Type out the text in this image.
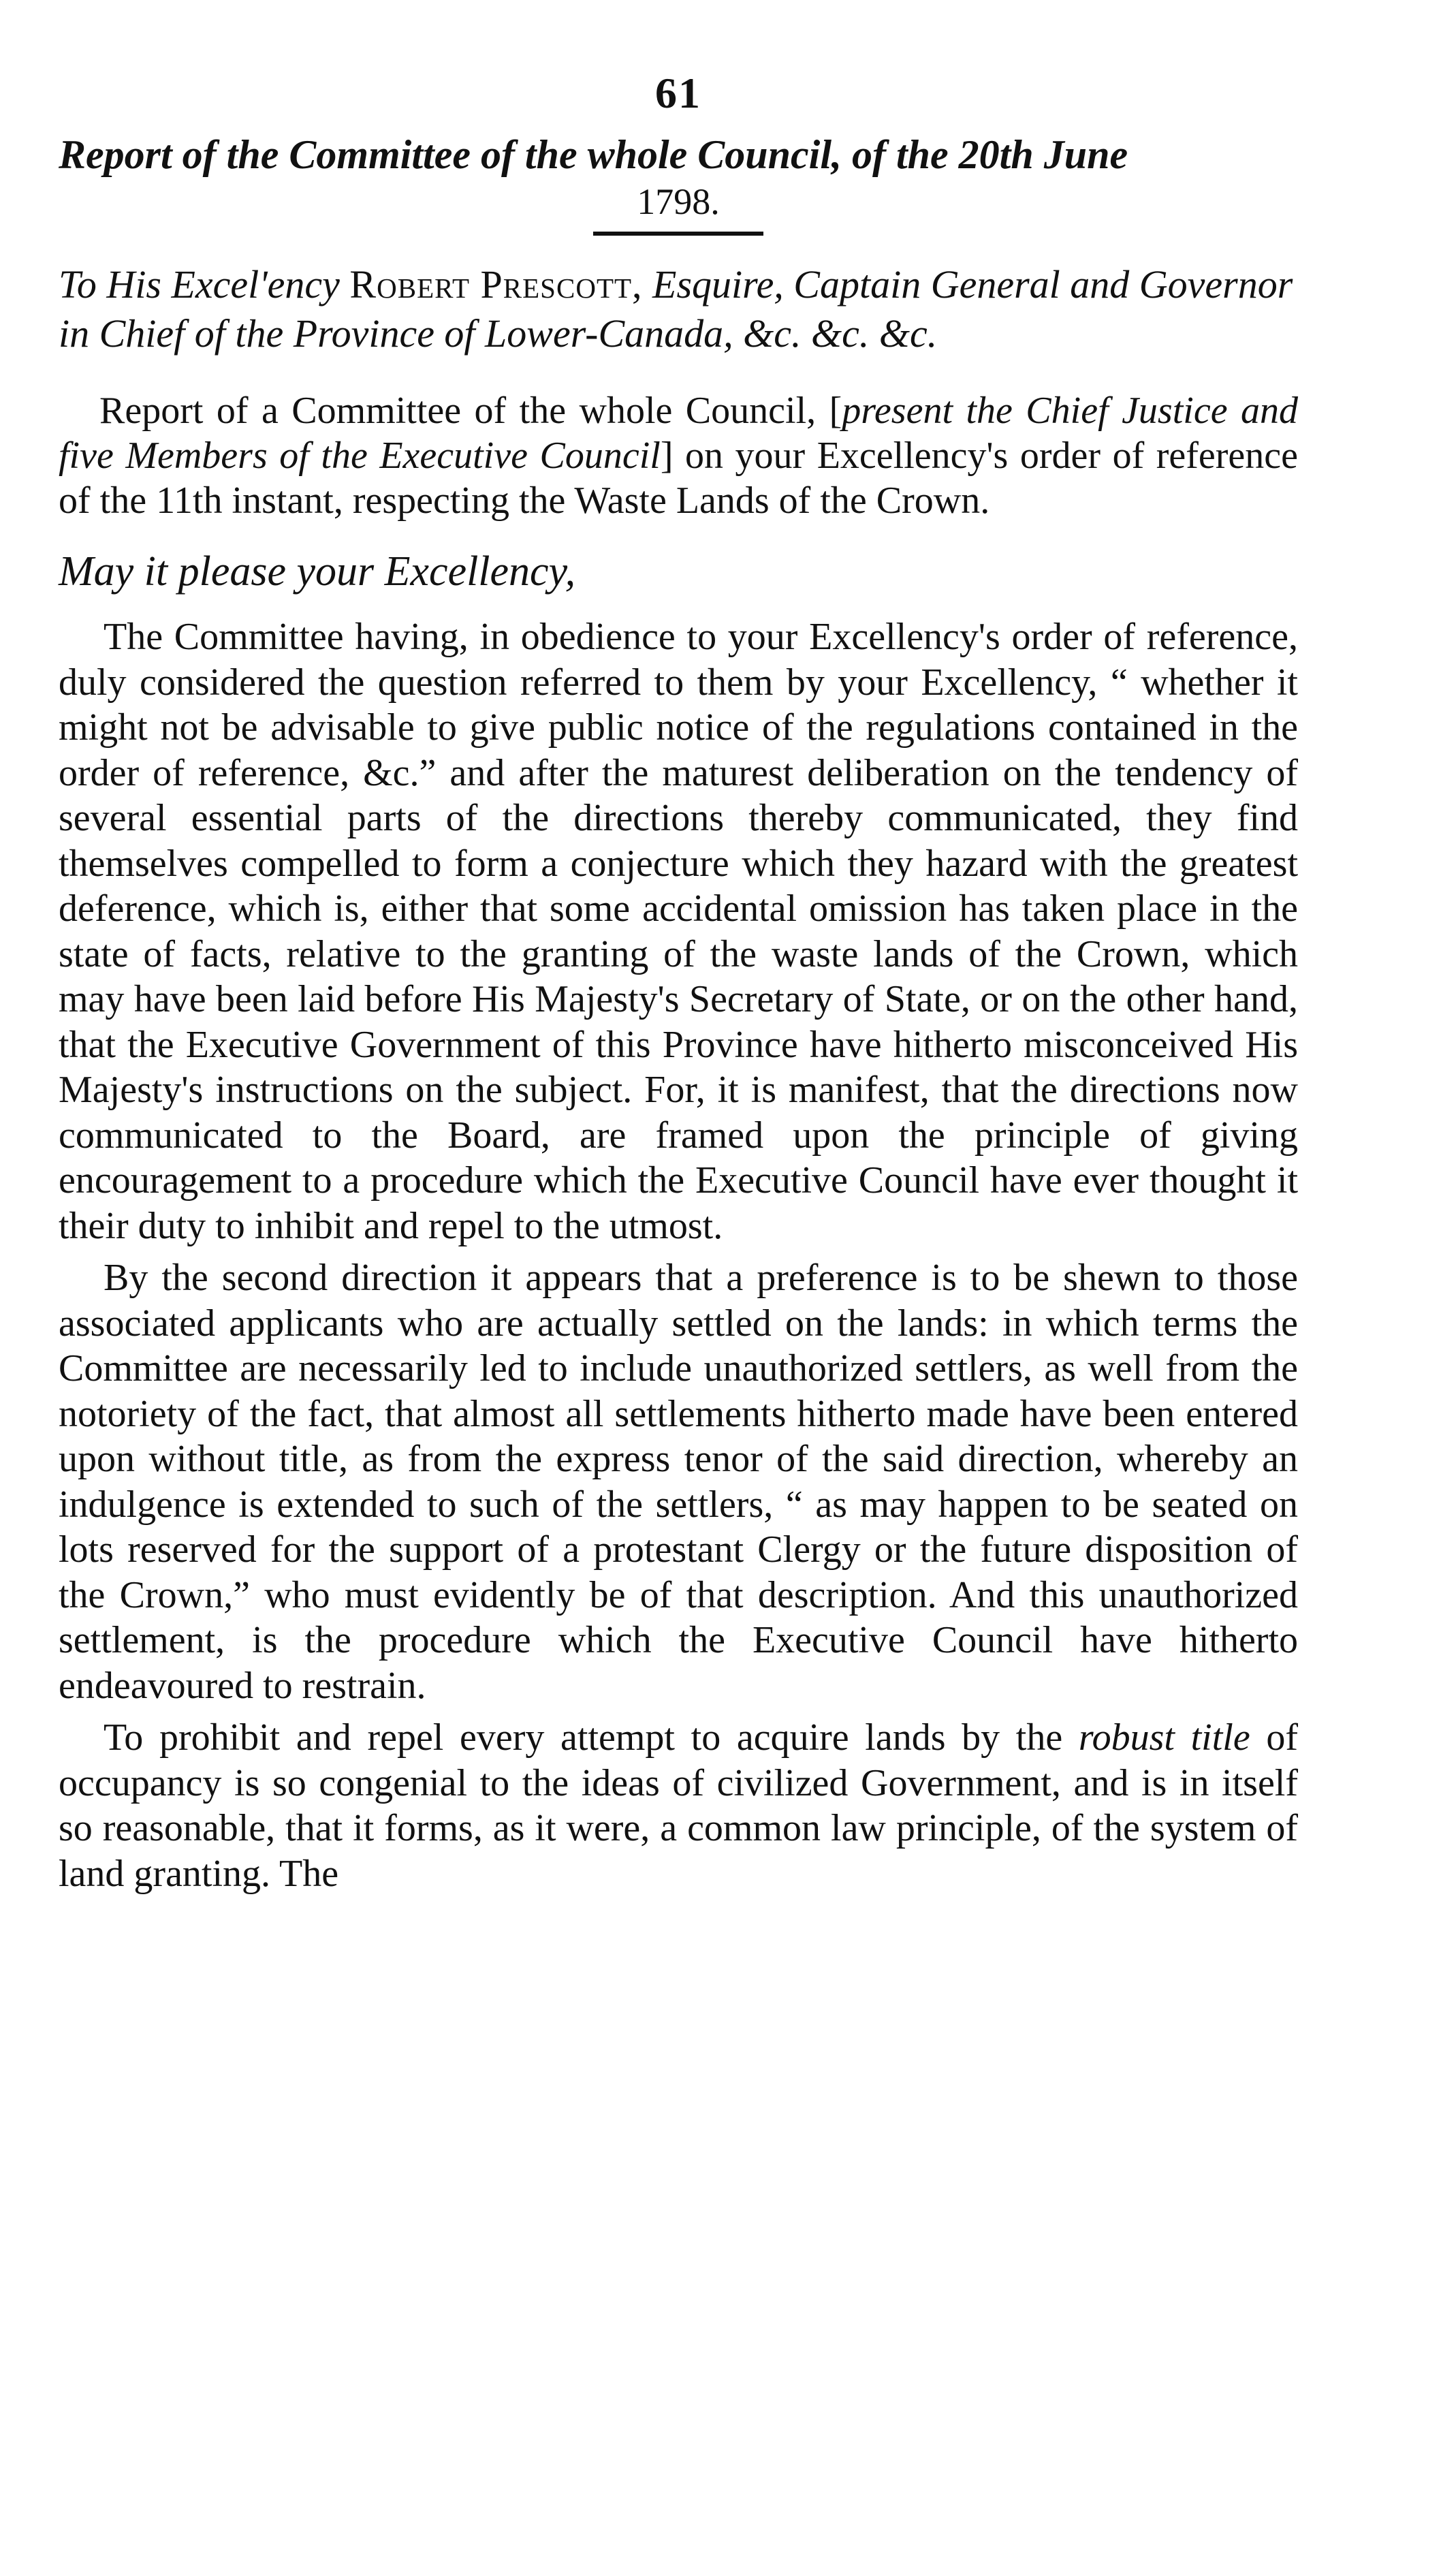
61

Report of the Committee of the whole Council, of the 20th June

1798.

To His Excel'ency Robert Prescott, Esquire, Captain General and Governor in Chief of the Province of Lower-Canada, &c. &c. &c.

Report of a Committee of the whole Council, [present the Chief Justice and five Members of the Executive Council] on your Excellency's order of reference of the 11th instant, respecting the Waste Lands of the Crown.

May it please your Excellency,

The Committee having, in obedience to your Excellency's order of reference, duly considered the question referred to them by your Excellency, “ whether it might not be advisable to give public notice of the regulations contained in the order of reference, &c.” and after the maturest deliberation on the tendency of several essential parts of the directions thereby communicated, they find themselves compelled to form a conjecture which they hazard with the greatest deference, which is, either that some accidental omission has taken place in the state of facts, relative to the granting of the waste lands of the Crown, which may have been laid before His Majesty's Secretary of State, or on the other hand, that the Executive Government of this Province have hitherto misconceived His Majesty's instructions on the subject. For, it is manifest, that the directions now communicated to the Board, are framed upon the principle of giving encouragement to a procedure which the Executive Council have ever thought it their duty to inhibit and repel to the utmost.

By the second direction it appears that a preference is to be shewn to those associated applicants who are actually settled on the lands: in which terms the Committee are necessarily led to include unauthorized settlers, as well from the notoriety of the fact, that almost all settlements hitherto made have been entered upon without title, as from the express tenor of the said direction, whereby an indulgence is extended to such of the settlers, “ as may happen to be seated on lots reserved for the support of a protestant Clergy or the future disposition of the Crown,” who must evidently be of that description. And this unauthorized settlement, is the procedure which the Executive Council have hitherto endeavoured to restrain.

To prohibit and repel every attempt to acquire lands by the robust title of occupancy is so congenial to the ideas of civilized Government, and is in itself so reasonable, that it forms, as it were, a common law principle, of the system of land granting. The
